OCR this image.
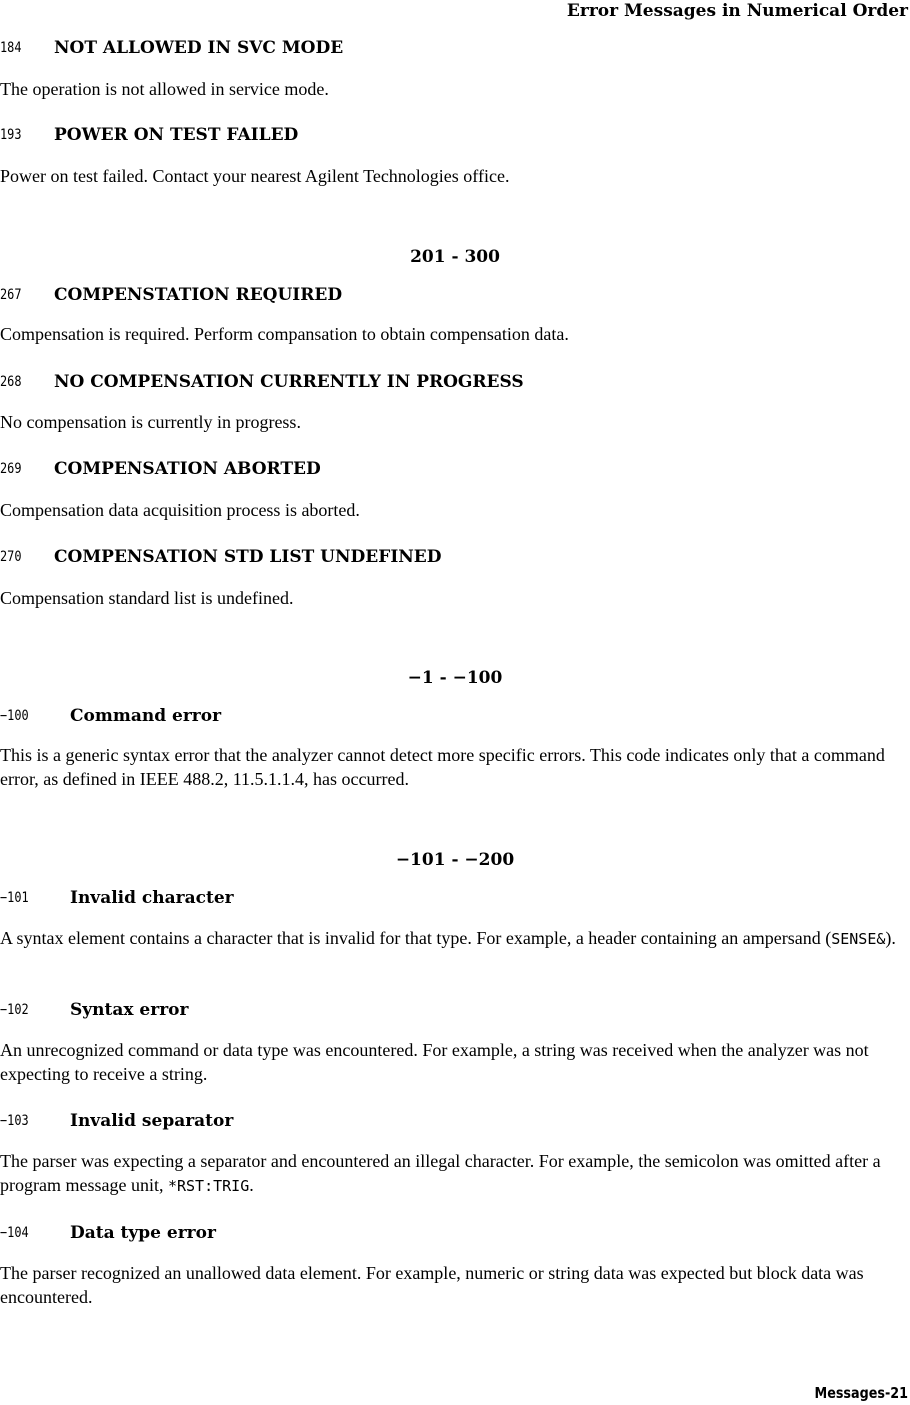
Error Messages in Numerical Order
184 NOT ALLOWED IN SVC MODE
The operation is not allowed in service mode.
193 POWER ON TEST FAILED
Power on test failed. Contact your nearest Agilent Technologies office.
201 - 300
267 COMPENSTATION REQUIRED
Compensation is required. Perform compansation to obtain compensation data.
268 NO COMPENSATION CURRENTLY IN PROGRESS
No compensation is currently in progress.
269 COMPENSATION ABORTED
Compensation data acquisition process is aborted.
270 COMPENSATION STD LIST UNDEFINED
Compensation standard list is undefined.
−1 - −100
−100 Command error
This is a generic syntax error that the analyzer cannot detect more specific errors. This code indicates only that a command error, as defined in IEEE 488.2, 11.5.1.1.4, has occurred.
−101 - −200
−101 Invalid character
A syntax element contains a character that is invalid for that type. For example, a header containing an ampersand (SENSE&).
−102 Syntax error
An unrecognized command or data type was encountered. For example, a string was received when the analyzer was not expecting to receive a string.
−103 Invalid separator
The parser was expecting a separator and encountered an illegal character. For example, the semicolon was omitted after a program message unit, *RST:TRIG.
−104 Data type error
The parser recognized an unallowed data element. For example, numeric or string data was expected but block data was encountered.
Messages-21
